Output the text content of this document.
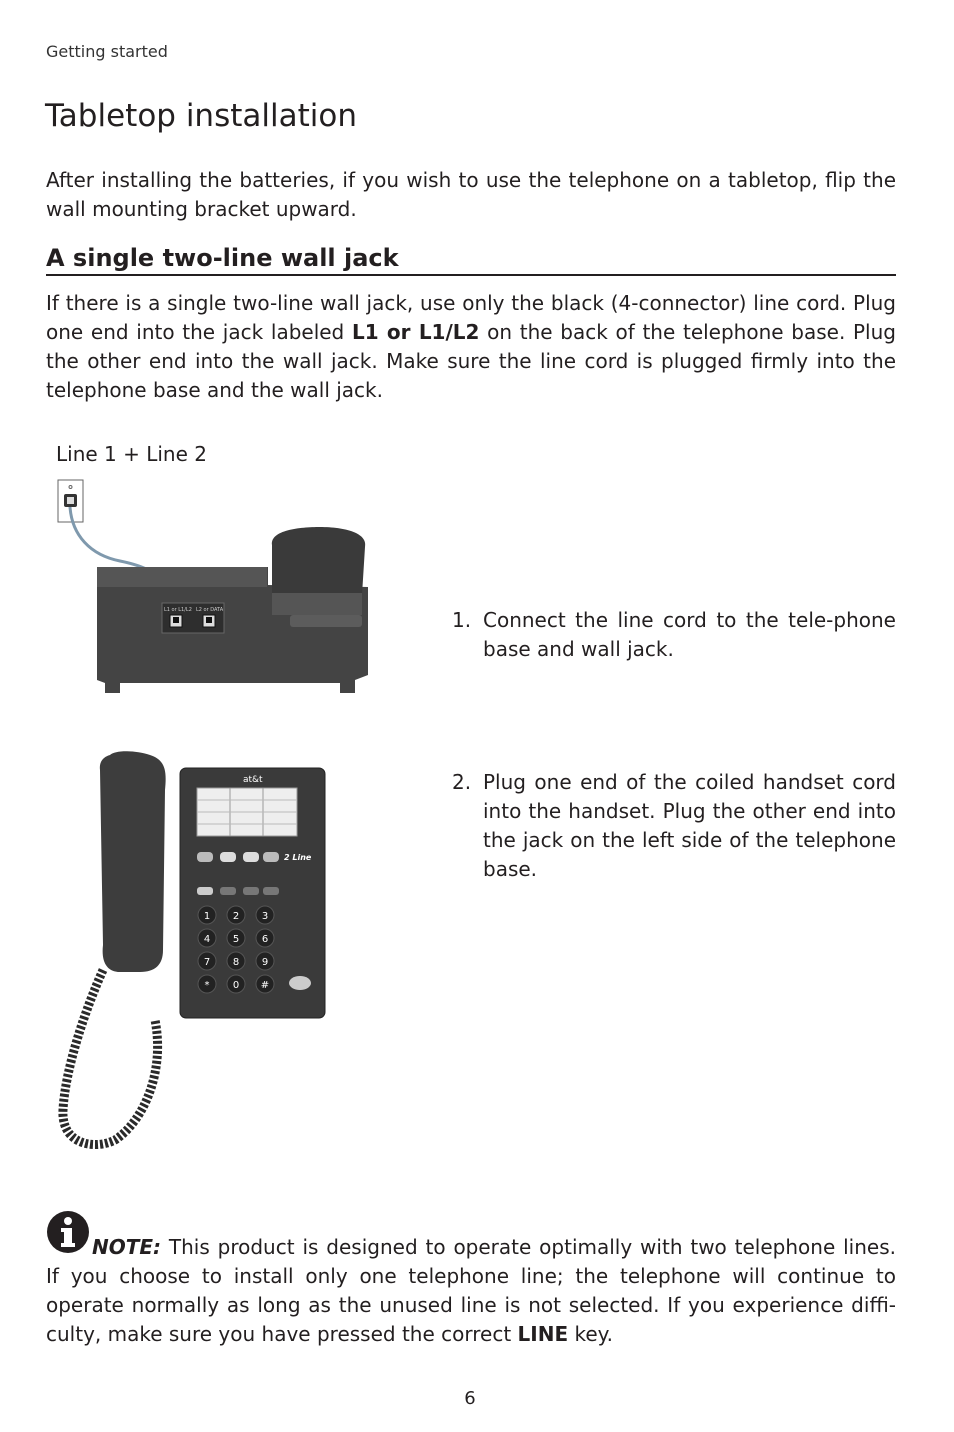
Getting started
Tabletop installation

After installing the batteries, if you wish to use the telephone on a tabletop, flip the wall mounting bracket upward.

A single two-line wall jack

If there is a single two-line wall jack, use only the black (4-connector) line cord. Plug one end into the jack labeled L1 or L1/L2 on the back of the telephone base. Plug the other end into the wall jack. Make sure the line cord is plugged firmly into the telephone base and the wall jack.

Line 1 + Line 2
L1 or L1/L2 L2 or DATA	1. Connect the line cord to the tele-phone base and wall jack.
at&t
2 Line
1 2 3
4 5 6
7 8 9
* 0 #
2. Plug one end of the coiled handset cord into the handset. Plug the other end into the jack on the left side of the telephone base.

NOTE: This product is designed to operate optimally with two telephone lines. If you choose to install only one telephone line; the telephone will continue to operate normally as long as the unused line is not selected. If you experience diffi-culty, make sure you have pressed the correct LINE key.

6
